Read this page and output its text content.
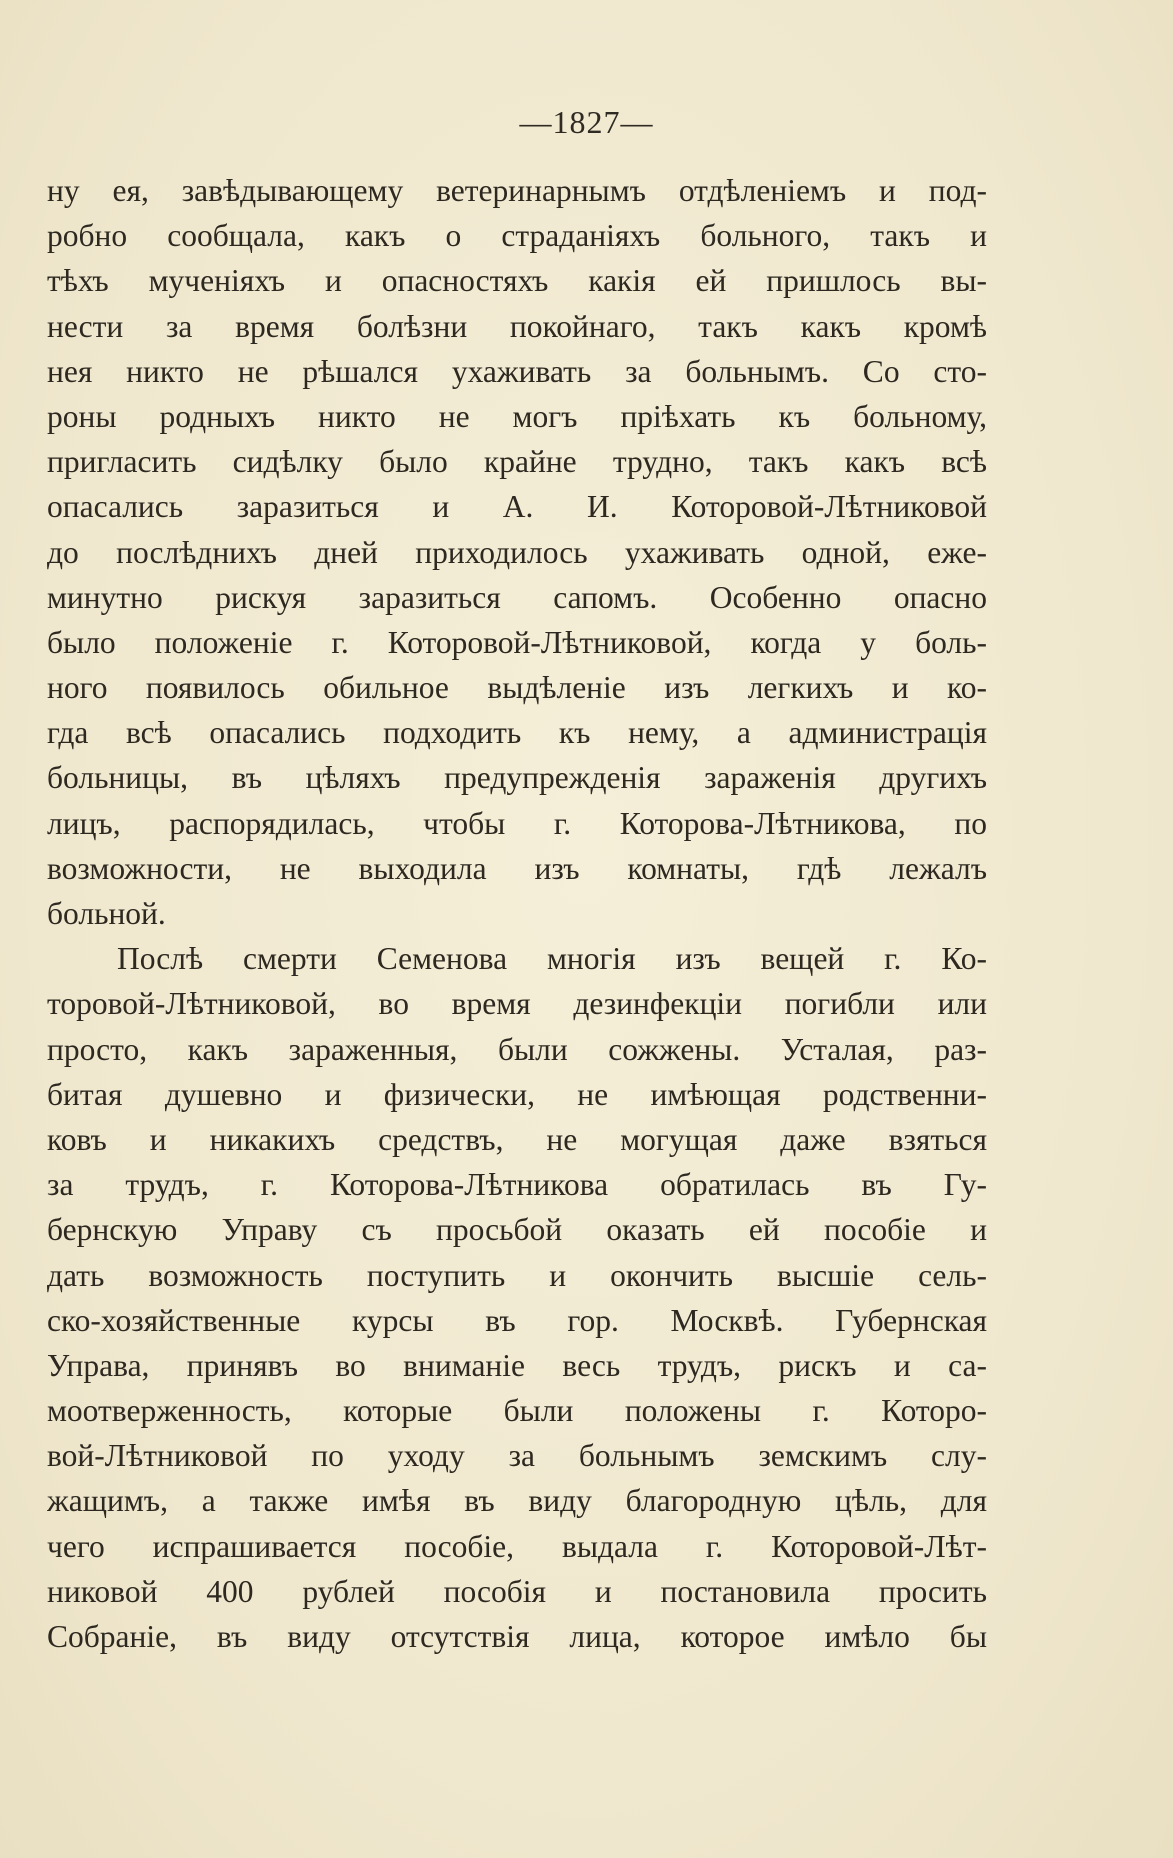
—1827—
ну ея, завѣдывающему ветеринарнымъ отдѣленіемъ и под-
робно сообщала, какъ о страданіяхъ больного, такъ и
тѣхъ мученіяхъ и опасностяхъ какія ей пришлось вы-
нести за время болѣзни покойнаго, такъ какъ кромѣ
нея никто не рѣшался ухаживать за больнымъ. Со сто-
роны родныхъ никто не могъ пріѣхать къ больному,
пригласить сидѣлку было крайне трудно, такъ какъ всѣ
опасались заразиться и А. И. Которовой-Лѣтниковой
до послѣднихъ дней приходилось ухаживать одной, еже-
минутно рискуя заразиться сапомъ. Особенно опасно
было положеніе г. Которовой-Лѣтниковой, когда у боль-
ного появилось обильное выдѣленіе изъ легкихъ и ко-
гда всѣ опасались подходить къ нему, а администрація
больницы, въ цѣляхъ предупрежденія зараженія другихъ
лицъ, распорядилась, чтобы г. Которова-Лѣтникова, по
возможности, не выходила изъ комнаты, гдѣ лежалъ
больной.
Послѣ смерти Семенова многія изъ вещей г. Ко-
торовой-Лѣтниковой, во время дезинфекціи погибли или
просто, какъ зараженныя, были сожжены. Усталая, раз-
битая душевно и физически, не имѣющая родственни-
ковъ и никакихъ средствъ, не могущая даже взяться
за трудъ, г. Которова-Лѣтникова обратилась въ Гу-
бернскую Управу съ просьбой оказать ей пособіе и
дать возможность поступить и окончить высшіе сель-
ско-хозяйственные курсы въ гор. Москвѣ. Губернская
Управа, принявъ во вниманіе весь трудъ, рискъ и са-
моотверженность, которые были положены г. Которо-
вой-Лѣтниковой по уходу за больнымъ земскимъ слу-
жащимъ, а также имѣя въ виду благородную цѣль, для
чего испрашивается пособіе, выдала г. Которовой-Лѣт-
никовой 400 рублей пособія и постановила просить
Собраніе, въ виду отсутствія лица, которое имѣло бы
